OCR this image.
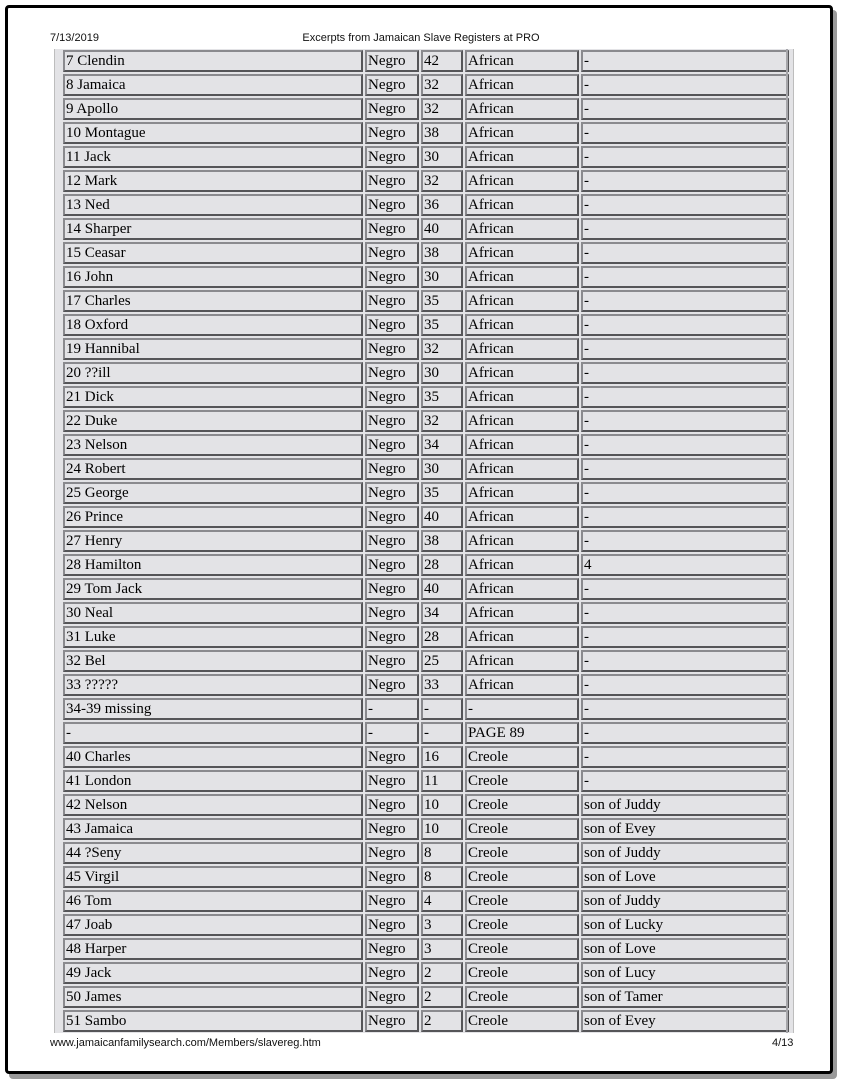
7/13/2019	Excerpts from Jamaican Slave Registers at PRO
7 Clendin	Negro	42	African	-
8 Jamaica	Negro	32	African	-
9 Apollo	Negro	32	African	-
10 Montague	Negro	38	African	-
11 Jack	Negro	30	African	-
12 Mark	Negro	32	African	-
13 Ned	Negro	36	African	-
14 Sharper	Negro	40	African	-
15 Ceasar	Negro	38	African	-
16 John	Negro	30	African	-
17 Charles	Negro	35	African	-
18 Oxford	Negro	35	African	-
19 Hannibal	Negro	32	African	-
20 ??ill	Negro	30	African	-
21 Dick	Negro	35	African	-
22 Duke	Negro	32	African	-
23 Nelson	Negro	34	African	-
24 Robert	Negro	30	African	-
25 George	Negro	35	African	-
26 Prince	Negro	40	African	-
27 Henry	Negro	38	African	-
28 Hamilton	Negro	28	African	4
29 Tom Jack	Negro	40	African	-
30 Neal	Negro	34	African	-
31 Luke	Negro	28	African	-
32 Bel	Negro	25	African	-
33 ?????	Negro	33	African	-
34-39 missing	-	-	-	-
-	-	-	PAGE 89	-
40 Charles	Negro	16	Creole	-
41 London	Negro	11	Creole	-
42 Nelson	Negro	10	Creole	son of Juddy
43 Jamaica	Negro	10	Creole	son of Evey
44 ?Seny	Negro	8	Creole	son of Juddy
45 Virgil	Negro	8	Creole	son of Love
46 Tom	Negro	4	Creole	son of Juddy
47 Joab	Negro	3	Creole	son of Lucky
48 Harper	Negro	3	Creole	son of Love
49 Jack	Negro	2	Creole	son of Lucy
50 James	Negro	2	Creole	son of Tamer
51 Sambo	Negro	2	Creole	son of Evey
www.jamaicanfamilysearch.com/Members/slavereg.htm	4/13
